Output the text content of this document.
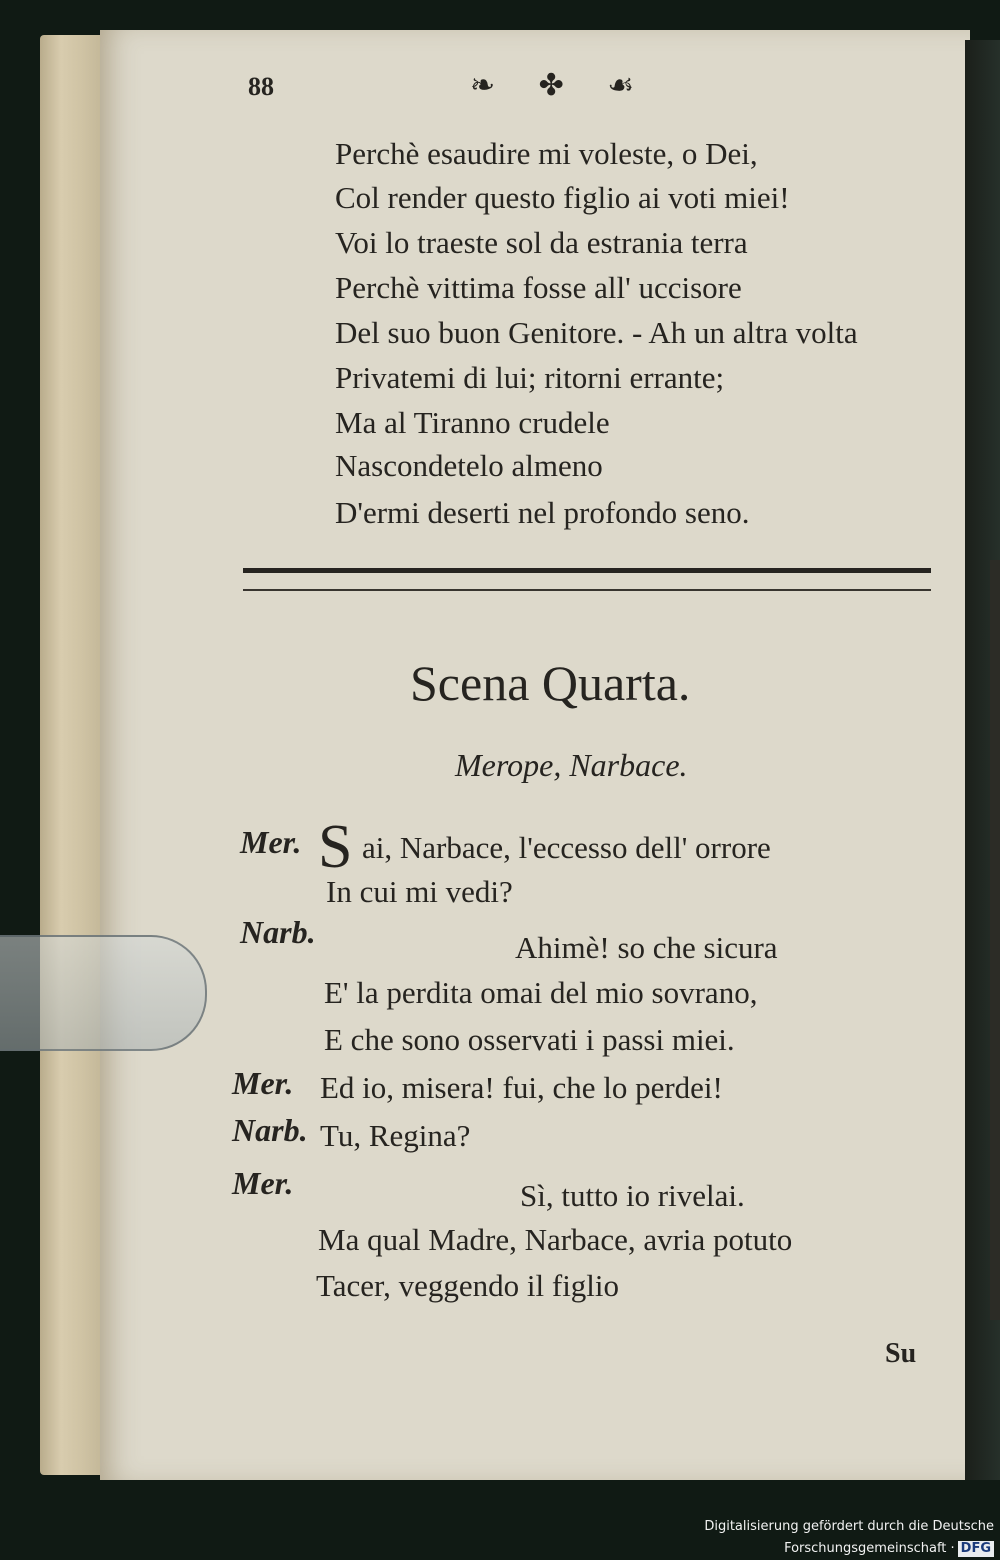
88	❧ ✤ ☙
Perchè esaudire mi voleste, o Dei,
Col render questo figlio ai voti miei!
Voi lo traeste sol da estrania terra
Perchè vittima fosse all' uccisore
Del suo buon Genitore. - Ah un altra volta
Privatemi di lui; ritorni errante;
Ma al Tiranno crudele
Nascondetelo almeno
D'ermi deserti nel profondo seno.
Scena Quarta.
Merope, Narbace.
Mer. S ai, Narbace, l'eccesso dell' orrore
In cui mi vedi?
Narb.	Ahimè! so che sicura
E' la perdita omai del mio sovrano,
E che sono osservati i passi miei.
Mer. Ed io, misera! fui, che lo perdei!
Narb. Tu, Regina?
Mer.	Sì, tutto io rivelai.
Ma qual Madre, Narbace, avria potuto
Tacer, veggendo il figlio
Su
Digitalisierung gefördert durch die Deutsche Forschungsgemeinschaft · DFG
